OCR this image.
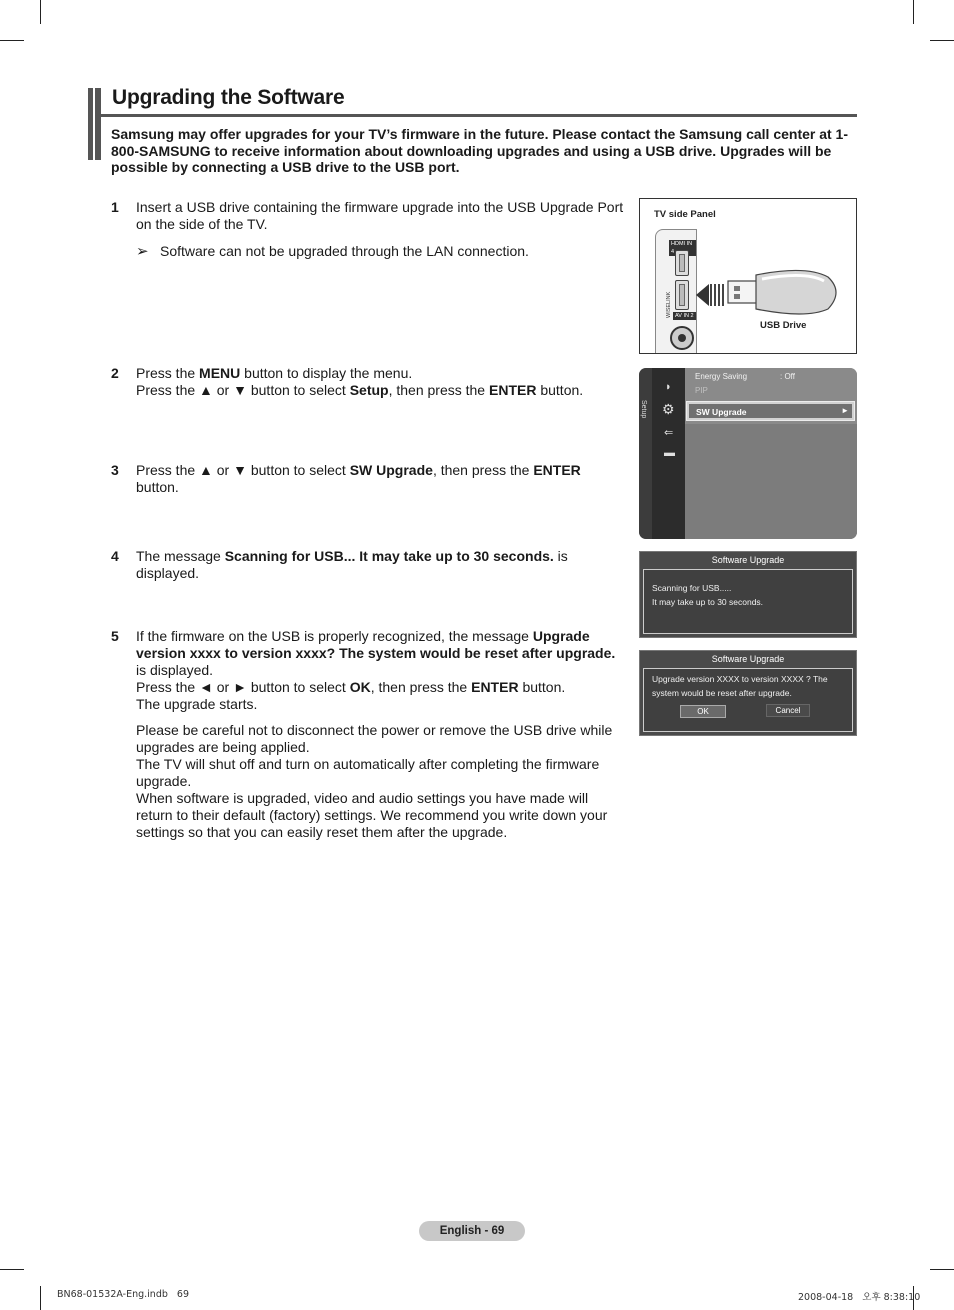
Upgrading the Software

Samsung may offer upgrades for your TV’s firmware in the future. Please contact the Samsung call center at 1-800-SAMSUNG to receive information about downloading upgrades and using a USB drive. Upgrades will be possible by connecting a USB drive to the USB port.

1 Insert a USB drive containing the firmware upgrade into the USB Upgrade Port on the side of the TV.

➢ Software can not be upgraded through the LAN connection.
2 Press the MENU button to display the menu.

Press the ▲ or ▼ button to select Setup, then press the ENTER button.

3 Press the ▲ or ▼ button to select SW Upgrade, then press the ENTER button.

4 The message Scanning for USB... It may take up to 30 seconds. is displayed.

5 If the firmware on the USB is properly recognized, the message Upgrade version xxxx to version xxxx? The system would be reset after upgrade. is displayed.

Press the ◄ or ► button to select OK, then press the ENTER button.

The upgrade starts.

Please be careful not to disconnect the power or remove the USB drive while upgrades are being applied.

The TV will shut off and turn on automatically after completing the firmware upgrade.

When software is upgraded, video and audio settings you have made will return to their default (factory) settings. We recommend you write down your settings so that you can easily reset them after the upgrade.

TV side Panel
HDMI IN 4
WISELINK AV IN 2
USB Drive
Setup
◗
⚙
⇐
▬
Energy Saving	: Off
PIP
SW Upgrade	►
Software Upgrade
Scanning for USB.....
It may take up to 30 seconds.
Software Upgrade
Upgrade version XXXX to version XXXX ? The
system would be reset after upgrade.
OK	Cancel
English - 69
BN68-01532A-Eng.indb   69	2008-04-18   오후 8:38:10
